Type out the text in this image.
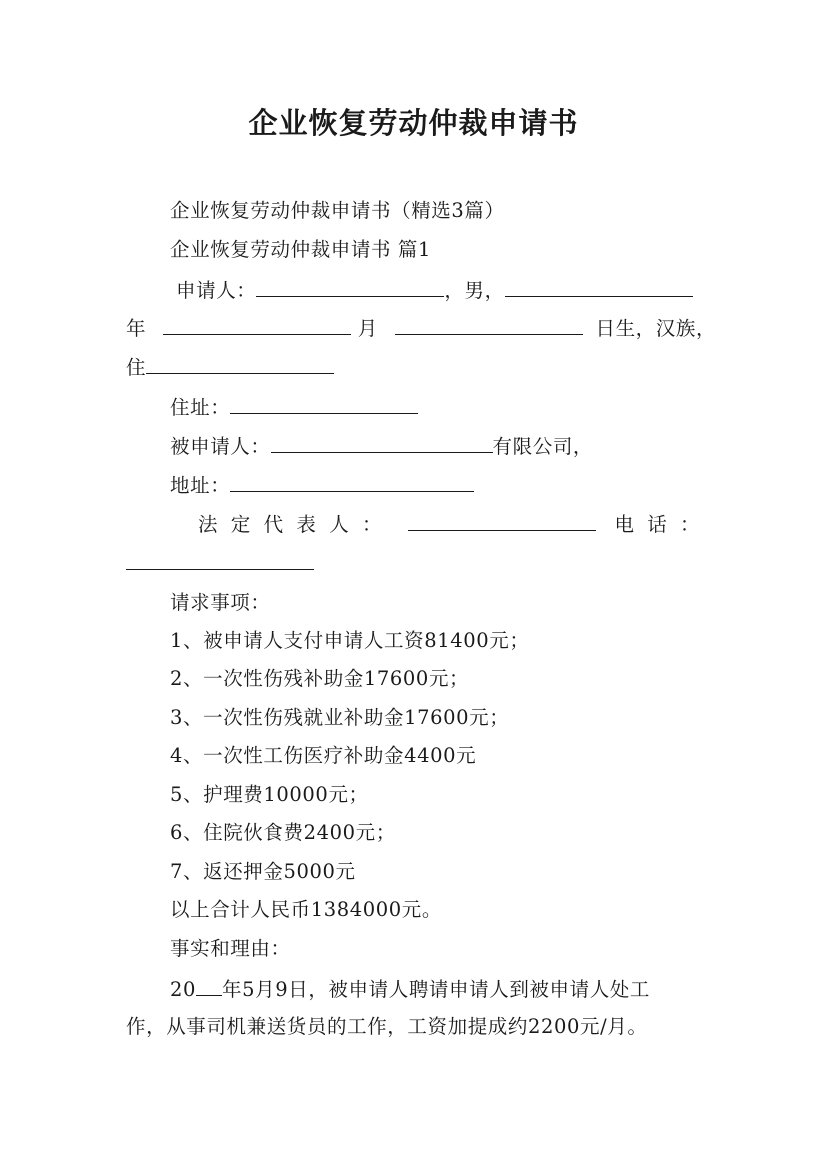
企业恢复劳动仲裁申请书
企业恢复劳动仲裁申请书（精选3篇）
企业恢复劳动仲裁申请书 篇1
申请人：	，男，
年	月	日生，汉族，
住
住址：
被申请人：	有限公司，
地址：
法定代表人：	电话：
请求事项：
1、被申请人支付申请人工资81400元；
2、一次性伤残补助金17600元；
3、一次性伤残就业补助金17600元；
4、一次性工伤医疗补助金4400元
5、护理费10000元；
6、住院伙食费2400元；
7、返还押金5000元
以上合计人民币1384000元。
事实和理由：
20 年5月9日，被申请人聘请申请人到被申请人处工
作，从事司机兼送货员的工作，工资加提成约2200元/月。
